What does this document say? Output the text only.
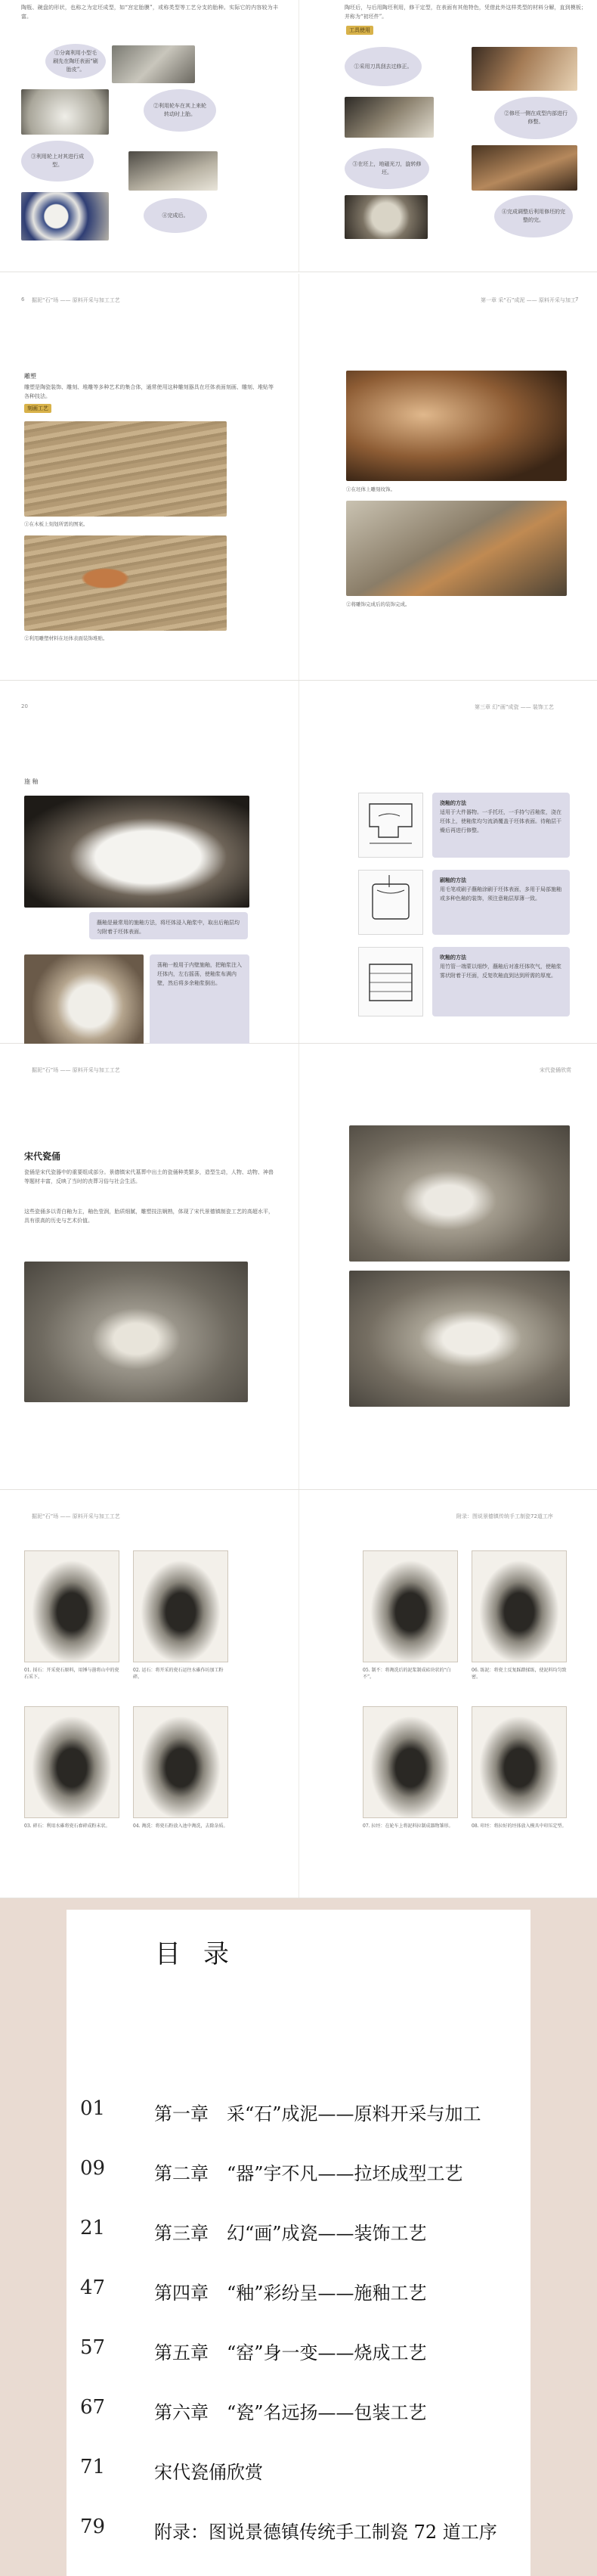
陶瓶、碗盘的形状，也称之为定坯成型，如“宫定胎膜”，或称类型等工艺分支的胎种。实际它的内容较为丰富。
①分离利用小型毛刷先在陶坯表面“刷胎皮”。
②利用轮车在其上来轮转动时上胎。
③利用轮上对其进行成型。
④完成后。
陶坯后，与后用陶坯利用，修干定型，在表面有其他特色，凭借此外这样类型的材料分解，直到模板；并称为“初坯件”。
工具使用
①采用刀具刮去过修正。
②修坯一侧在成型内部进行修整。
③在坯上，地磁光刀，旋转修坯。
④完成调整后利用修坯的完整的完。
掘泥“石”场 —— 原料开采与加工工艺
6
雕塑
雕塑是陶瓷装饰、雕刻、堆雕等多种艺术的集合体，通常使用这种雕刻器具在坯体表面刻画、雕刻、堆贴等各种技法。
刻画工艺
①在木板上刻划所需的图案。
②利用雕塑材料在坯体表面装饰堆贴。
第一章 采“石”成泥 —— 原料开采与加工 7
①在坯体上雕刻纹饰。
②将雕饰完成后的装饰完成。
20
施 釉
蘸釉是最常用的施釉方法，将坯体浸入釉浆中，取出后釉层均匀附着于坯体表面。
荡釉一般用于内壁施釉，把釉浆注入坯体内，左右摇荡，使釉浆布满内壁，然后将多余釉浆倒出。
第三章 幻“画”成瓷 —— 装饰工艺
浇釉的方法
适用于大件器物。一手托坯，一手持勺舀釉浆，浇在坯体上，使釉浆均匀流淌覆盖于坯体表面。待釉层干燥后再进行修整。
刷釉的方法
用毛笔或刷子蘸釉涂刷于坯体表面，多用于局部施釉或多种色釉的装饰，须注意釉层厚薄一致。
吹釉的方法
用竹管一端蒙以细纱，蘸釉后对准坯体吹气，使釉浆雾状附着于坯面，反复吹釉直到达到所需的厚度。
掘泥“石”场 —— 原料开采与加工工艺
宋代瓷俑
瓷俑是宋代瓷器中的重要组成部分。景德镇宋代墓葬中出土的瓷俑种类繁多，造型生动，人物、动物、神兽等题材丰富，反映了当时的丧葬习俗与社会生活。
这些瓷俑多以青白釉为主，釉色莹润，胎质细腻，雕塑技法娴熟，体现了宋代景德镇制瓷工艺的高超水平，具有很高的历史与艺术价值。
宋代瓷俑欣赏
掘泥“石”场 —— 原料开采与加工工艺
01. 採石：开采瓷石原料，用锤与凿将山中的瓷石采下。
02. 运石：将开采的瓷石运往水碓作坊加工粉碎。
03. 碎石：利用水碓将瓷石舂碎成粉末状。	04. 淘洗：将瓷石粉放入池中淘洗，去除杂质。
附录：图说景德镇传统手工制瓷72道工序
05. 制不：将淘洗后的泥浆制成砖块状的“白不”。
06. 练泥：将瓷土反复踩踏揉练，使泥料均匀致密。
07. 拉坯：在轮车上将泥料拉制成器物雏形。	08. 印坯：将拉好的坯体放入模具中印压定型。
01	第一章　采“石”成泥——原料开采与加工
09	第二章　“器”宇不凡——拉坯成型工艺
21	第三章　幻“画”成瓷——装饰工艺
47	第四章　“釉”彩纷呈——施釉工艺
57	第五章　“窑”身一变——烧成工艺
67	第六章　“瓷”名远扬——包装工艺
71	宋代瓷俑欣赏
79	附录：图说景德镇传统手工制瓷 72 道工序
目录
